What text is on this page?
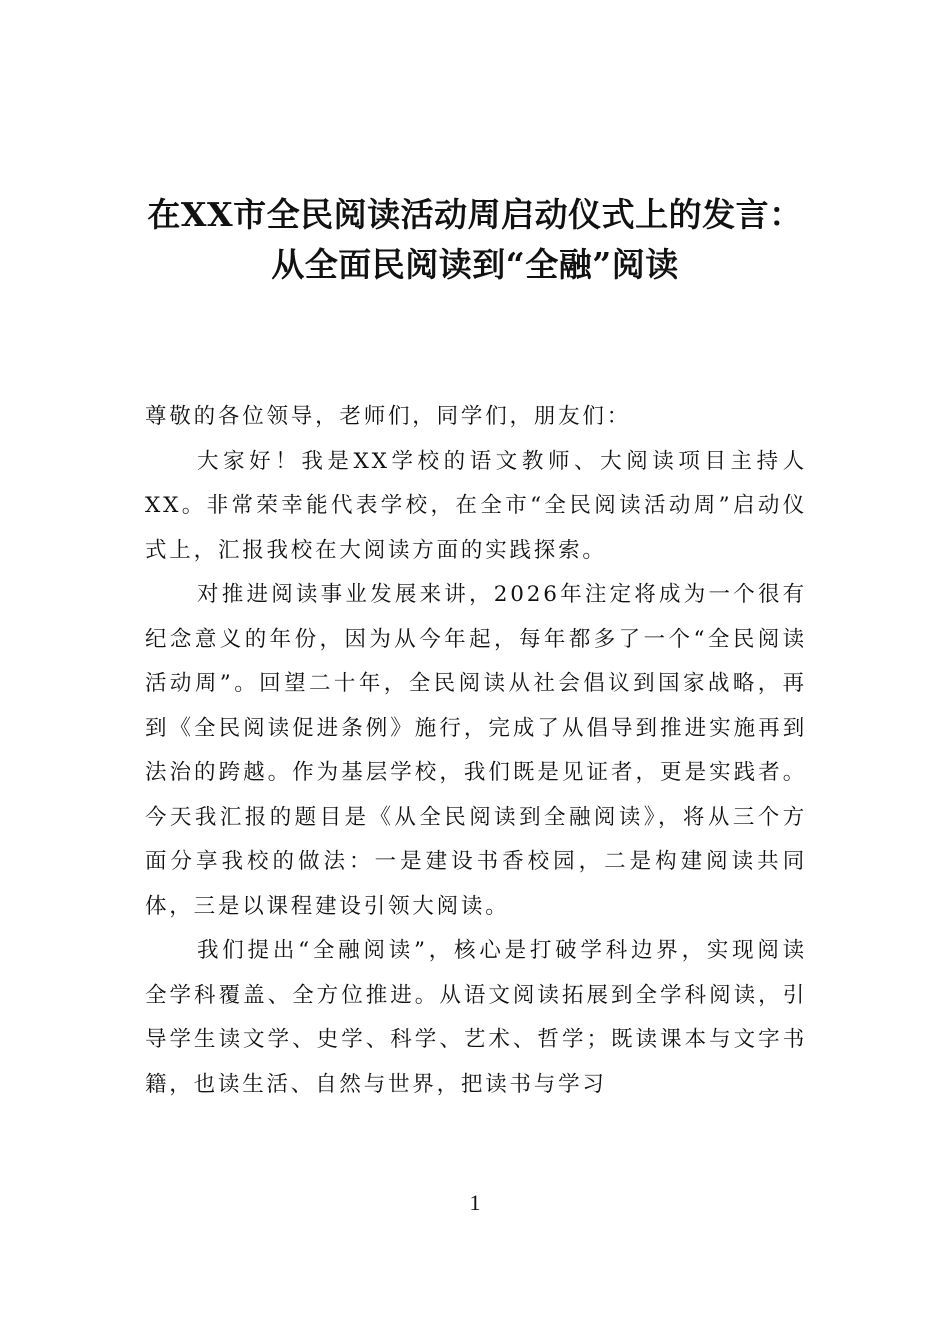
在XX市全民阅读活动周启动仪式上的发言：

从全面民阅读到“全融”阅读

尊敬的各位领导，老师们，同学们，朋友们：

大家好！我是XX学校的语文教师、大阅读项目主持人XX。非常荣幸能代表学校，在全市“全民阅读活动周”启动仪式上，汇报我校在大阅读方面的实践探索。

对推进阅读事业发展来讲，2026年注定将成为一个很有纪念意义的年份，因为从今年起，每年都多了一个“全民阅读活动周”。回望二十年，全民阅读从社会倡议到国家战略，再到《全民阅读促进条例》施行，完成了从倡导到推进实施再到法治的跨越。作为基层学校，我们既是见证者，更是实践者。今天我汇报的题目是《从全民阅读到全融阅读》，将从三个方面分享我校的做法：一是建设书香校园，二是构建阅读共同体，三是以课程建设引领大阅读。

我们提出“全融阅读”，核心是打破学科边界，实现阅读全学科覆盖、全方位推进。从语文阅读拓展到全学科阅读，引导学生读文学、史学、科学、艺术、哲学；既读课本与文字书籍，也读生活、自然与世界，把读书与学习

1
